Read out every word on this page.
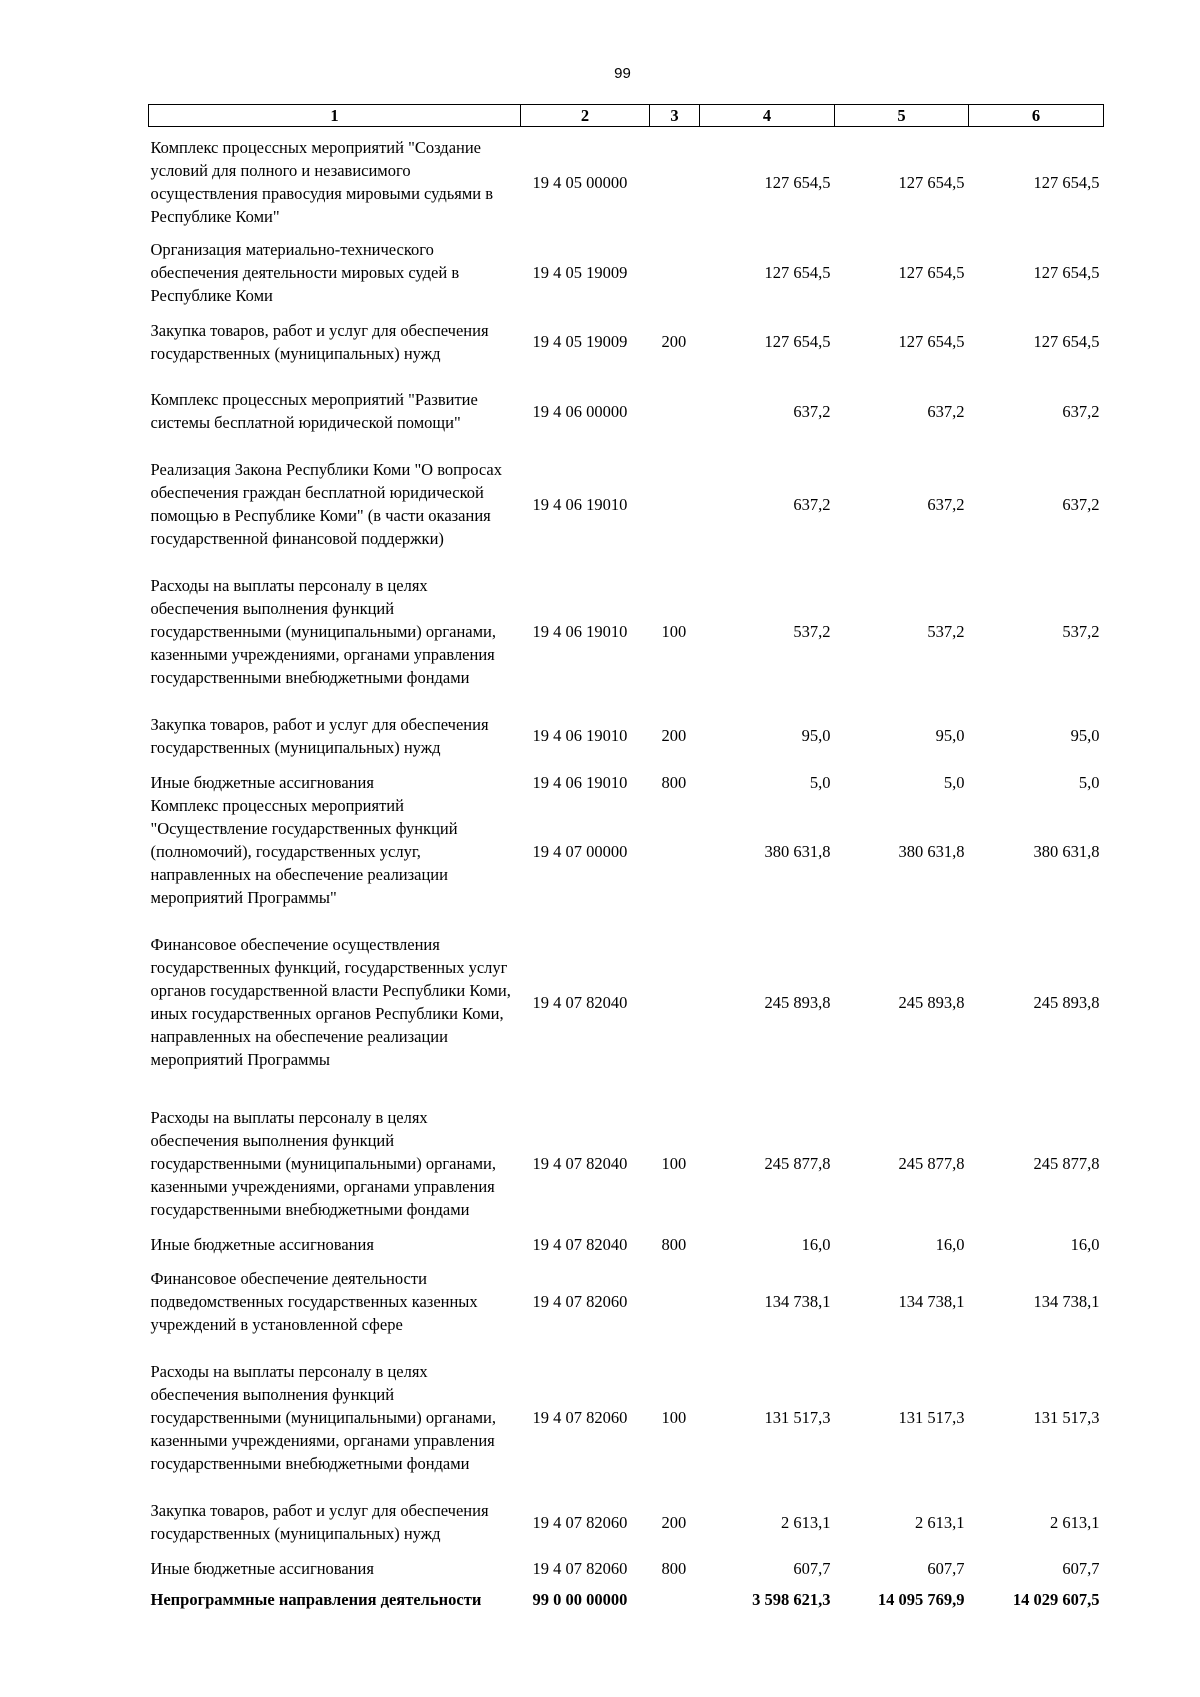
99
1	2	3	4	5	6
Комплекс процессных мероприятий "Создание условий для полного и независимого осуществления правосудия мировыми судьями в Республике Коми"	19 4 05 00000		127 654,5	127 654,5	127 654,5
Организация материально-технического обеспечения деятельности мировых судей в Республике Коми	19 4 05 19009		127 654,5	127 654,5	127 654,5
Закупка товаров, работ и услуг для обеспечения государственных (муниципальных) нужд	19 4 05 19009	200	127 654,5	127 654,5	127 654,5
Комплекс процессных мероприятий "Развитие системы бесплатной юридической помощи"	19 4 06 00000		637,2	637,2	637,2
Реализация Закона Республики Коми "О вопросах обеспечения граждан бесплатной юридической помощью в Республике Коми" (в части оказания государственной финансовой поддержки)	19 4 06 19010		637,2	637,2	637,2
Расходы на выплаты персоналу в целях обеспечения выполнения функций государственными (муниципальными) органами, казенными учреждениями, органами управления государственными внебюджетными фондами	19 4 06 19010	100	537,2	537,2	537,2
Закупка товаров, работ и услуг для обеспечения государственных (муниципальных) нужд	19 4 06 19010	200	95,0	95,0	95,0
Иные бюджетные ассигнования	19 4 06 19010	800	5,0	5,0	5,0
Комплекс процессных мероприятий "Осуществление государственных функций (полномочий), государственных услуг, направленных на обеспечение реализации мероприятий Программы"	19 4 07 00000		380 631,8	380 631,8	380 631,8
Финансовое обеспечение осуществления государственных функций, государственных услуг органов государственной власти Республики Коми, иных государственных органов Республики Коми, направленных на обеспечение реализации мероприятий Программы	19 4 07 82040		245 893,8	245 893,8	245 893,8
Расходы на выплаты персоналу в целях обеспечения выполнения функций государственными (муниципальными) органами, казенными учреждениями, органами управления государственными внебюджетными фондами	19 4 07 82040	100	245 877,8	245 877,8	245 877,8
Иные бюджетные ассигнования	19 4 07 82040	800	16,0	16,0	16,0
Финансовое обеспечение деятельности подведомственных государственных казенных учреждений в установленной сфере	19 4 07 82060		134 738,1	134 738,1	134 738,1
Расходы на выплаты персоналу в целях обеспечения выполнения функций государственными (муниципальными) органами, казенными учреждениями, органами управления государственными внебюджетными фондами	19 4 07 82060	100	131 517,3	131 517,3	131 517,3
Закупка товаров, работ и услуг для обеспечения государственных (муниципальных) нужд	19 4 07 82060	200	2 613,1	2 613,1	2 613,1
Иные бюджетные ассигнования	19 4 07 82060	800	607,7	607,7	607,7
Непрограммные направления деятельности	99 0 00 00000		3 598 621,3	14 095 769,9	14 029 607,5
